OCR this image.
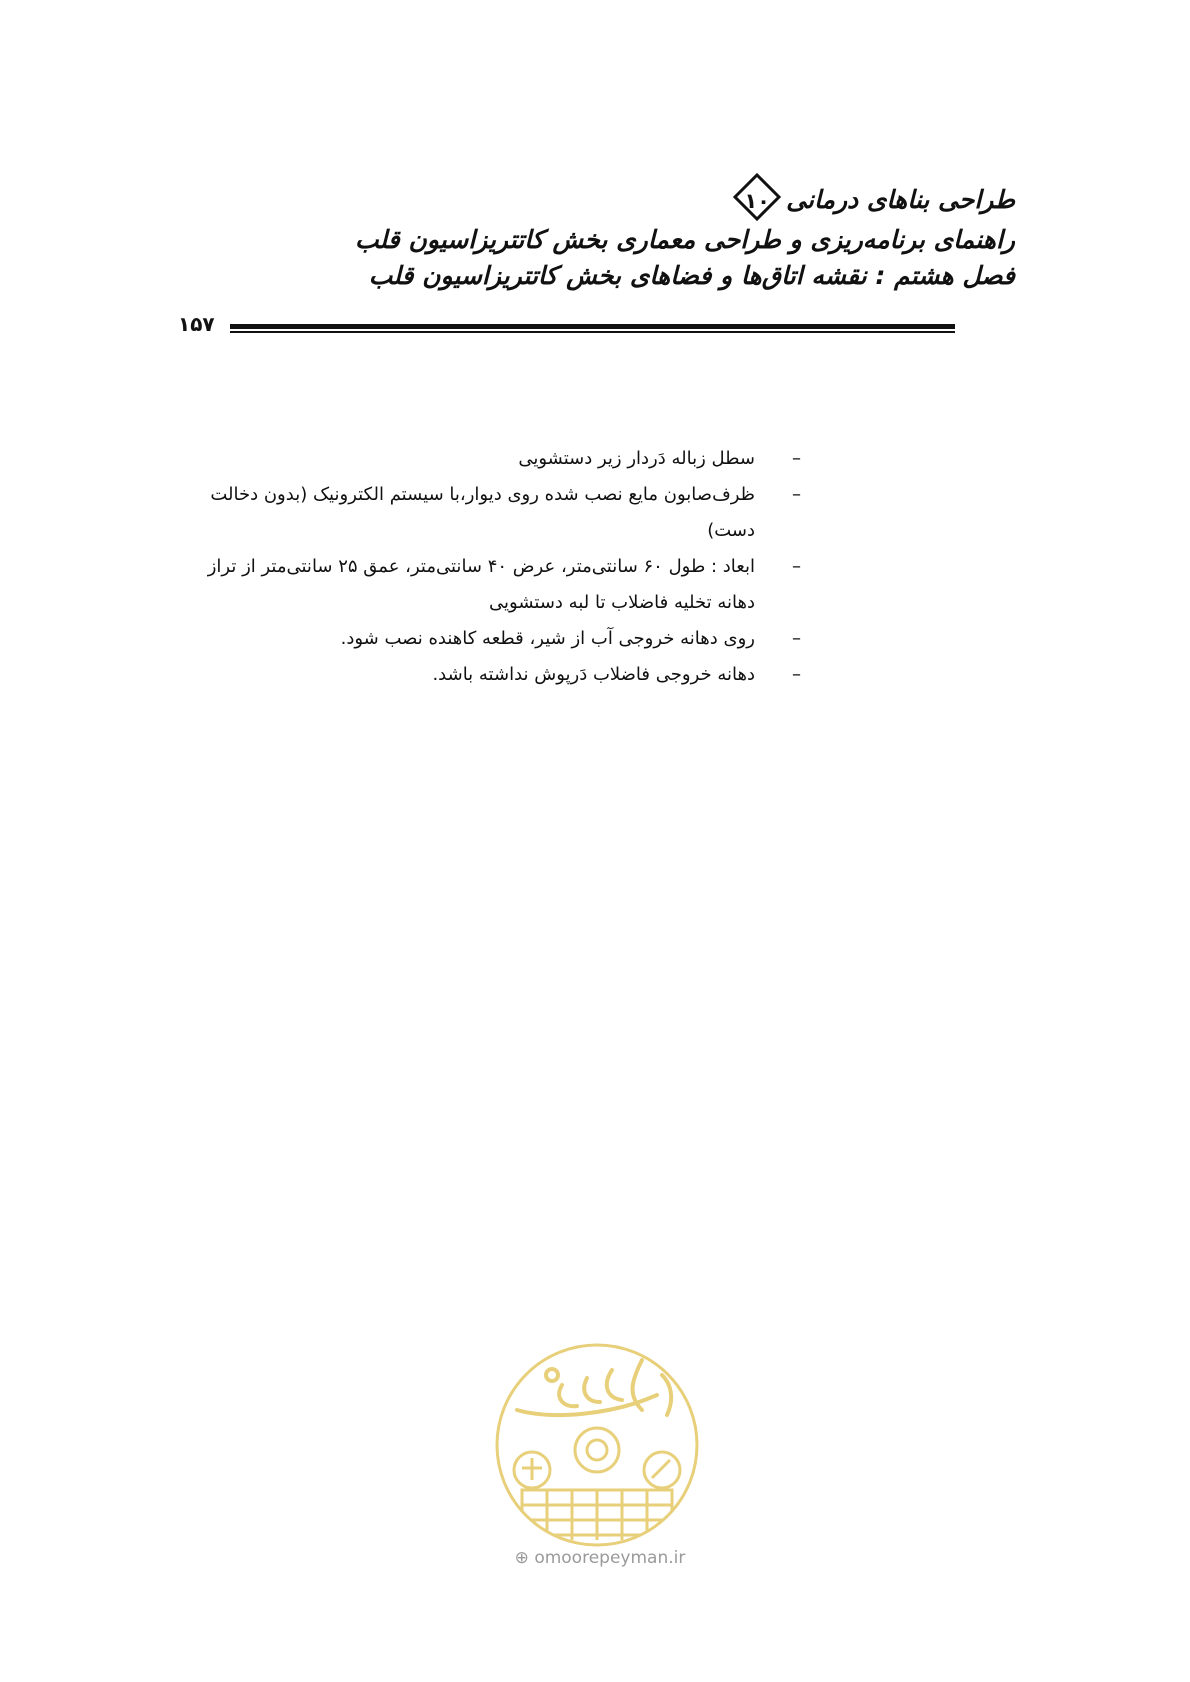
طراحی بناهای درمانی
۱۰
راهنمای برنامه‌ریزی و طراحی معماری بخش کاتتریزاسیون قلب
فصل هشتم : نقشه اتاق‌ها و فضاهای بخش کاتتریزاسیون قلب
۱۵۷
–
سطل زباله دَردار زیر دستشویی
–
ظرف‌صابون مایع نصب شده روی دیوار،با سیستم الکترونیک (بدون دخالت دست)
–
ابعاد : طول ۶۰ سانتی‌متر، عرض ۴۰ سانتی‌متر، عمق ۲۵ سانتی‌متر از تراز دهانه تخلیه فاضلاب تا لبه دستشویی
–
روی دهانه خروجی آب از شیر، قطعه کاهنده نصب شود.
–
دهانه خروجی فاضلاب دَرپوش نداشته باشد.
⊕ omoorepeyman.ir
